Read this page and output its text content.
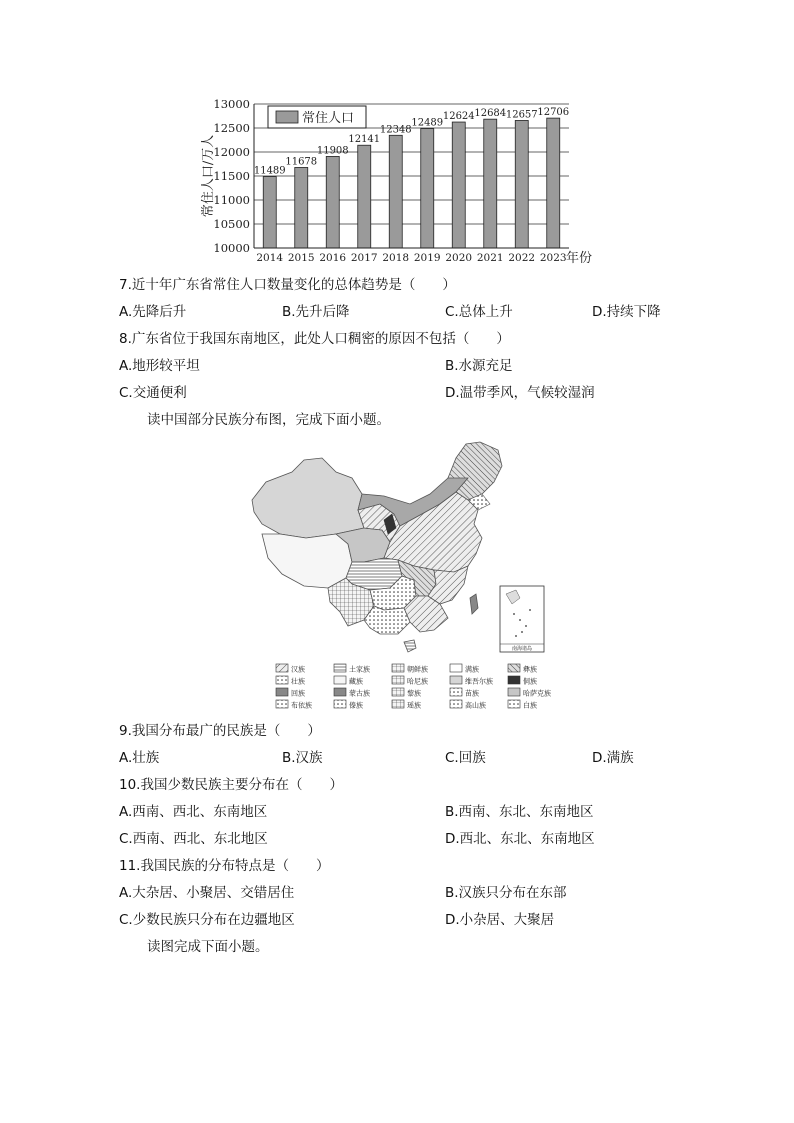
11489
11678
11908
12141
12348
12489
12624 12684 12657 12706
10000
10500
11000
11500
12000
12500
13000
2014 2015 2016 2017 2018 2019 2020 2021 2022 2023
常住人口/万人
年份
常住人口
7.近十年广东省常住人口数量变化的总体趋势是（　　）
A.先降后升	B.先升后降	C.总体上升	D.持续下降
8.广东省位于我国东南地区，此处人口稠密的原因不包括（　　）
A.地形较平坦	B.水源充足
C.交通便利	D.温带季风，气候较湿润
读中国部分民族分布图，完成下面小题。
南海诸岛
汉族	土家族	朝鲜族	满族	彝族
壮族	藏族	哈尼族	维吾尔族	侗族
回族	蒙古族	黎族	苗族	哈萨克族
布依族	傣族	瑶族	高山族	白族
9.我国分布最广的民族是（　　）
A.壮族	B.汉族	C.回族	D.满族
10.我国少数民族主要分布在（　　）
A.西南、西北、东南地区	B.西南、东北、东南地区
C.西南、西北、东北地区	D.西北、东北、东南地区
11.我国民族的分布特点是（　　）
A.大杂居、小聚居、交错居住	B.汉族只分布在东部
C.少数民族只分布在边疆地区	D.小杂居、大聚居
读图完成下面小题。
